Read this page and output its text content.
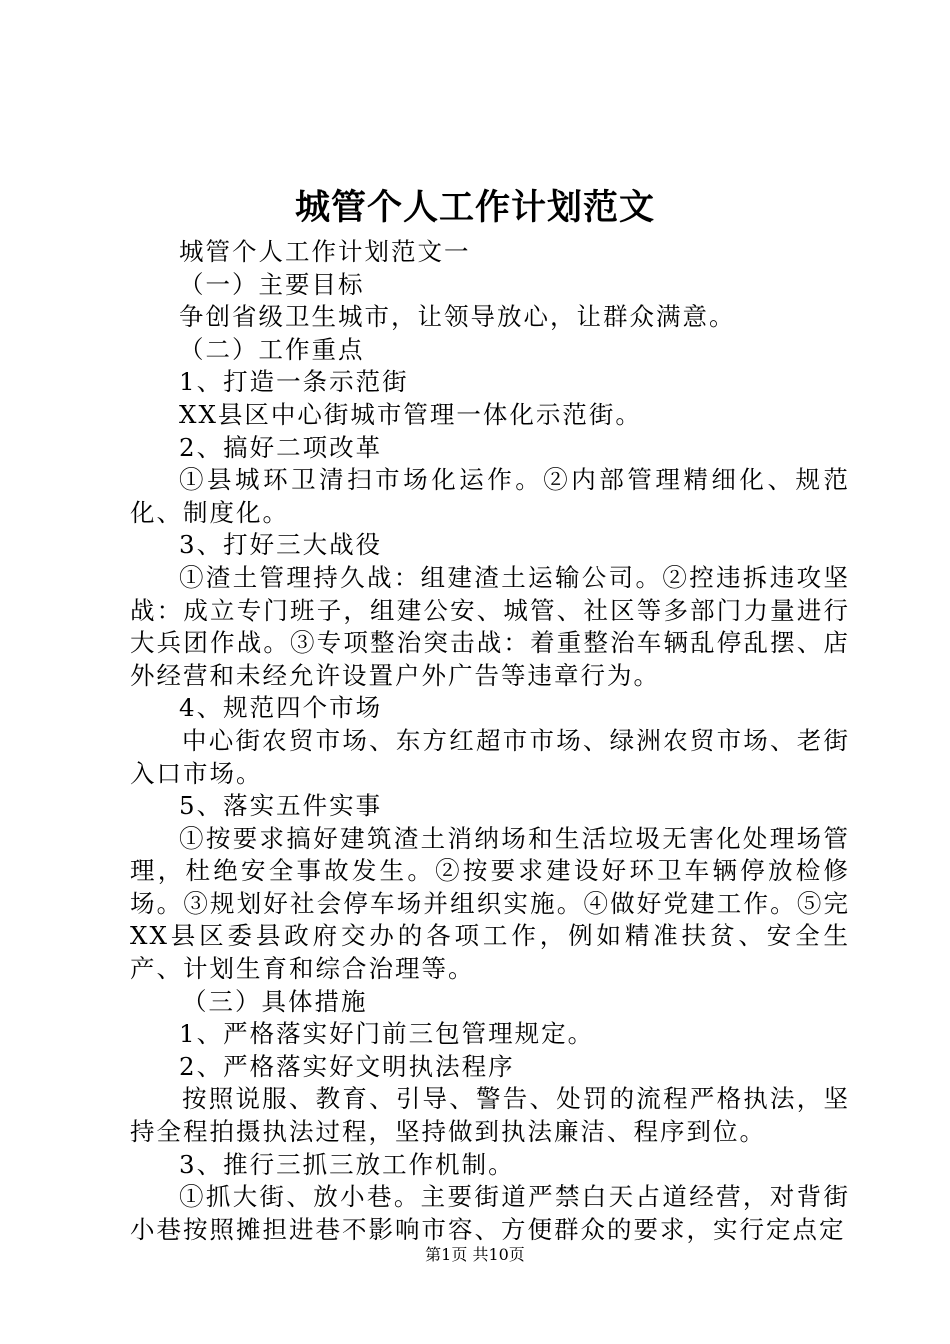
城管个人工作计划范文

城管个人工作计划范文一

（一）主要目标

争创省级卫生城市，让领导放心，让群众满意。

（二）工作重点

1、打造一条示范街

XX县区中心街城市管理一体化示范街。

2、搞好二项改革

①县城环卫清扫市场化运作。②内部管理精细化、规范化、制度化。

3、打好三大战役

①渣土管理持久战：组建渣土运输公司。②控违拆违攻坚战：成立专门班子，组建公安、城管、社区等多部门力量进行大兵团作战。③专项整治突击战：着重整治车辆乱停乱摆、店外经营和未经允许设置户外广告等违章行为。

4、规范四个市场

中心街农贸市场、东方红超市市场、绿洲农贸市场、老街入口市场。

5、落实五件实事

①按要求搞好建筑渣土消纳场和生活垃圾无害化处理场管理，杜绝安全事故发生。②按要求建设好环卫车辆停放检修场。③规划好社会停车场并组织实施。④做好党建工作。⑤完XX县区委县政府交办的各项工作，例如精准扶贫、安全生产、计划生育和综合治理等。

（三）具体措施

1、严格落实好门前三包管理规定。

2、严格落实好文明执法程序

按照说服、教育、引导、警告、处罚的流程严格执法，坚持全程拍摄执法过程，坚持做到执法廉洁、程序到位。

3、推行三抓三放工作机制。

①抓大街、放小巷。主要街道严禁白天占道经营，对背街小巷按照摊担进巷不影响市容、方便群众的要求，实行定点定

第1页 共10页
